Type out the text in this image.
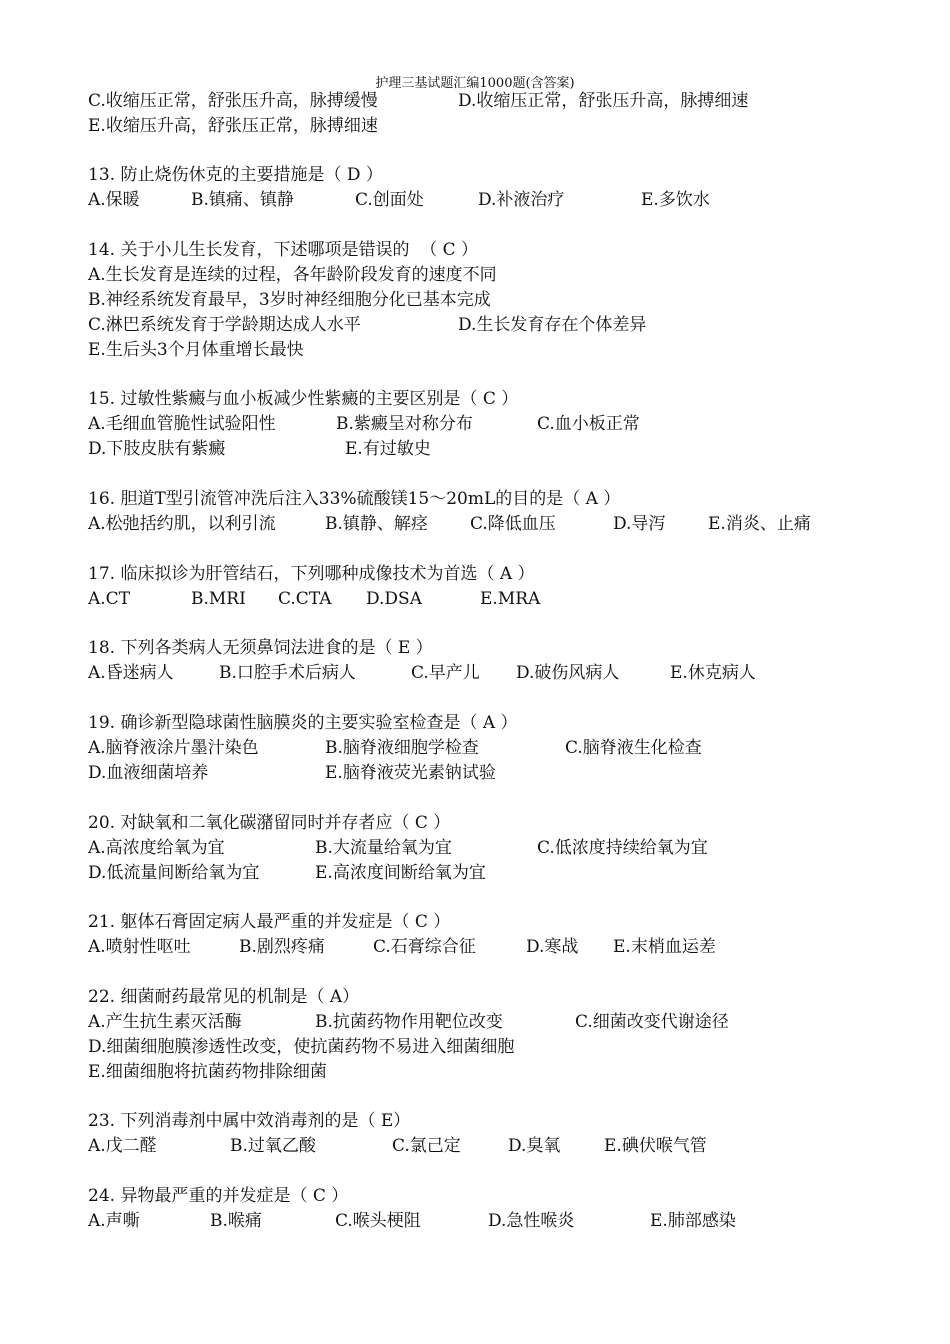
护理三基试题汇编1000题(含答案)
C.收缩压正常，舒张压升高，脉搏缓慢	D.收缩压正常，舒张压升高，脉搏细速
E.收缩压升高，舒张压正常，脉搏细速
13. 防止烧伤休克的主要措施是（ D ）
A.保暖	B.镇痛、镇静	C.创面处	D.补液治疗	E.多饮水
14. 关于小儿生长发育，下述哪项是错误的  （ C ）
A.生长发育是连续的过程，各年龄阶段发育的速度不同
B.神经系统发育最早，3岁时神经细胞分化已基本完成
C.淋巴系统发育于学龄期达成人水平	D.生长发育存在个体差异
E.生后头3个月体重增长最快
15. 过敏性紫癜与血小板减少性紫癜的主要区别是（ C ）
A.毛细血管脆性试验阳性	B.紫癜呈对称分布	C.血小板正常
D.下肢皮肤有紫癜	E.有过敏史
16. 胆道T型引流管冲洗后注入33%硫酸镁15～20mL的目的是（ A ）
A.松弛括约肌，以利引流	B.镇静、解痉 C.降低血压	D.导泻	E.消炎、止痛
17. 临床拟诊为肝管结石，下列哪种成像技术为首选（ A ）
A.CT	B.MRI C.CTA D.DSA	E.MRA
18. 下列各类病人无须鼻饲法进食的是（ E ）
A.昏迷病人	B.口腔手术后病人	C.早产儿 D.破伤风病人	E.休克病人
19. 确诊新型隐球菌性脑膜炎的主要实验室检查是（ A ）
A.脑脊液涂片墨汁染色	B.脑脊液细胞学检查	C.脑脊液生化检查
D.血液细菌培养	E.脑脊液荧光素钠试验
20. 对缺氧和二氧化碳潴留同时并存者应（ C ）
A.高浓度给氧为宜	B.大流量给氧为宜	C.低浓度持续给氧为宜
D.低流量间断给氧为宜	E.高浓度间断给氧为宜
21. 躯体石膏固定病人最严重的并发症是（ C ）
A.喷射性呕吐	B.剧烈疼痛	C.石膏综合征	D.寒战 E.末梢血运差
22. 细菌耐药最常见的机制是（ A）
A.产生抗生素灭活酶	B.抗菌药物作用靶位改变	C.细菌改变代谢途径
D.细菌细胞膜渗透性改变，使抗菌药物不易进入细菌细胞
E.细菌细胞将抗菌药物排除细菌
23. 下列消毒剂中属中效消毒剂的是（ E）
A.戊二醛	B.过氧乙酸	C.氯己定	D.臭氧	E.碘伏喉气管
24. 异物最严重的并发症是（ C ）
A.声嘶	B.喉痛	C.喉头梗阻	D.急性喉炎	E.肺部感染
